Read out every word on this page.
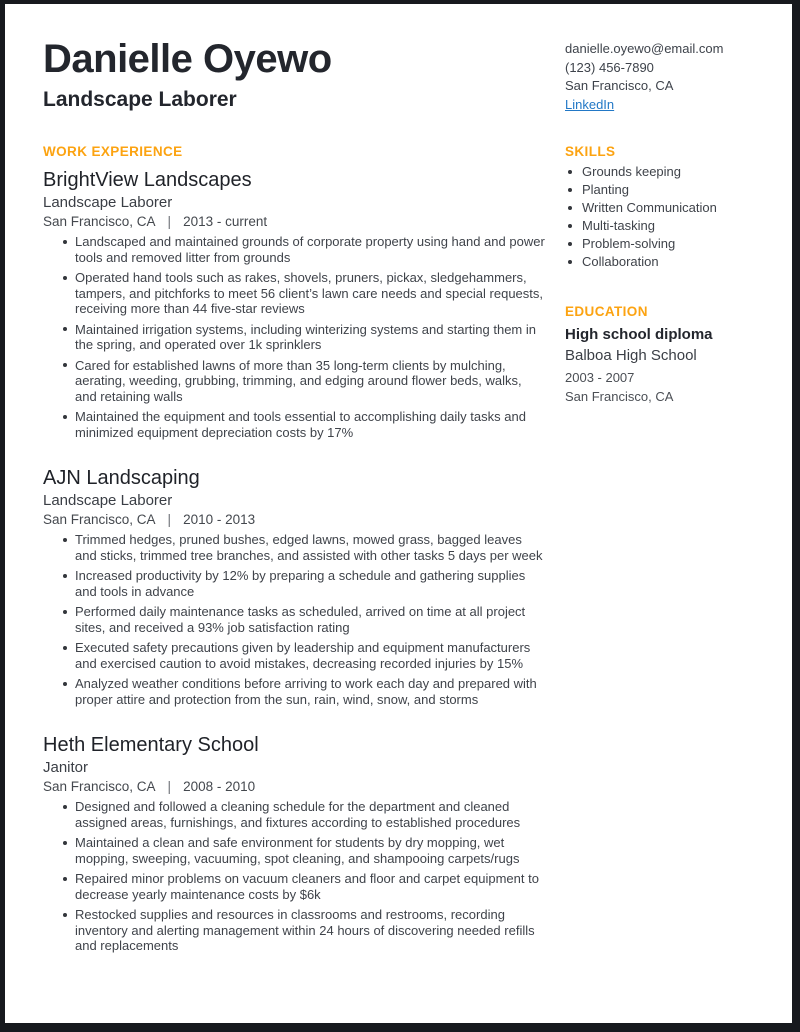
Danielle Oyewo
Landscape Laborer
danielle.oyewo@email.com
(123) 456-7890
San Francisco, CA
LinkedIn
WORK EXPERIENCE
BrightView Landscapes
Landscape Laborer
San Francisco, CA | 2013 - current
Landscaped and maintained grounds of corporate property using hand and power tools and removed litter from grounds
Operated hand tools such as rakes, shovels, pruners, pickax, sledgehammers, tampers, and pitchforks to meet 56 client’s lawn care needs and special requests, receiving more than 44 five-star reviews
Maintained irrigation systems, including winterizing systems and starting them in the spring, and operated over 1k sprinklers
Cared for established lawns of more than 35 long-term clients by mulching, aerating, weeding, grubbing, trimming, and edging around flower beds, walks, and retaining walls
Maintained the equipment and tools essential to accomplishing daily tasks and minimized equipment depreciation costs by 17%
AJN Landscaping
Landscape Laborer
San Francisco, CA | 2010 - 2013
Trimmed hedges, pruned bushes, edged lawns, mowed grass, bagged leaves and sticks, trimmed tree branches, and assisted with other tasks 5 days per week
Increased productivity by 12% by preparing a schedule and gathering supplies and tools in advance
Performed daily maintenance tasks as scheduled, arrived on time at all project sites, and received a 93% job satisfaction rating
Executed safety precautions given by leadership and equipment manufacturers and exercised caution to avoid mistakes, decreasing recorded injuries by 15%
Analyzed weather conditions before arriving to work each day and prepared with proper attire and protection from the sun, rain, wind, snow, and storms
Heth Elementary School
Janitor
San Francisco, CA | 2008 - 2010
Designed and followed a cleaning schedule for the department and cleaned assigned areas, furnishings, and fixtures according to established procedures
Maintained a clean and safe environment for students by dry mopping, wet mopping, sweeping, vacuuming, spot cleaning, and shampooing carpets/rugs
Repaired minor problems on vacuum cleaners and floor and carpet equipment to decrease yearly maintenance costs by $6k
Restocked supplies and resources in classrooms and restrooms, recording inventory and alerting management within 24 hours of discovering needed refills and replacements
SKILLS
Grounds keeping
Planting
Written Communication
Multi-tasking
Problem-solving
Collaboration
EDUCATION
High school diploma
Balboa High School
2003 - 2007
San Francisco, CA
